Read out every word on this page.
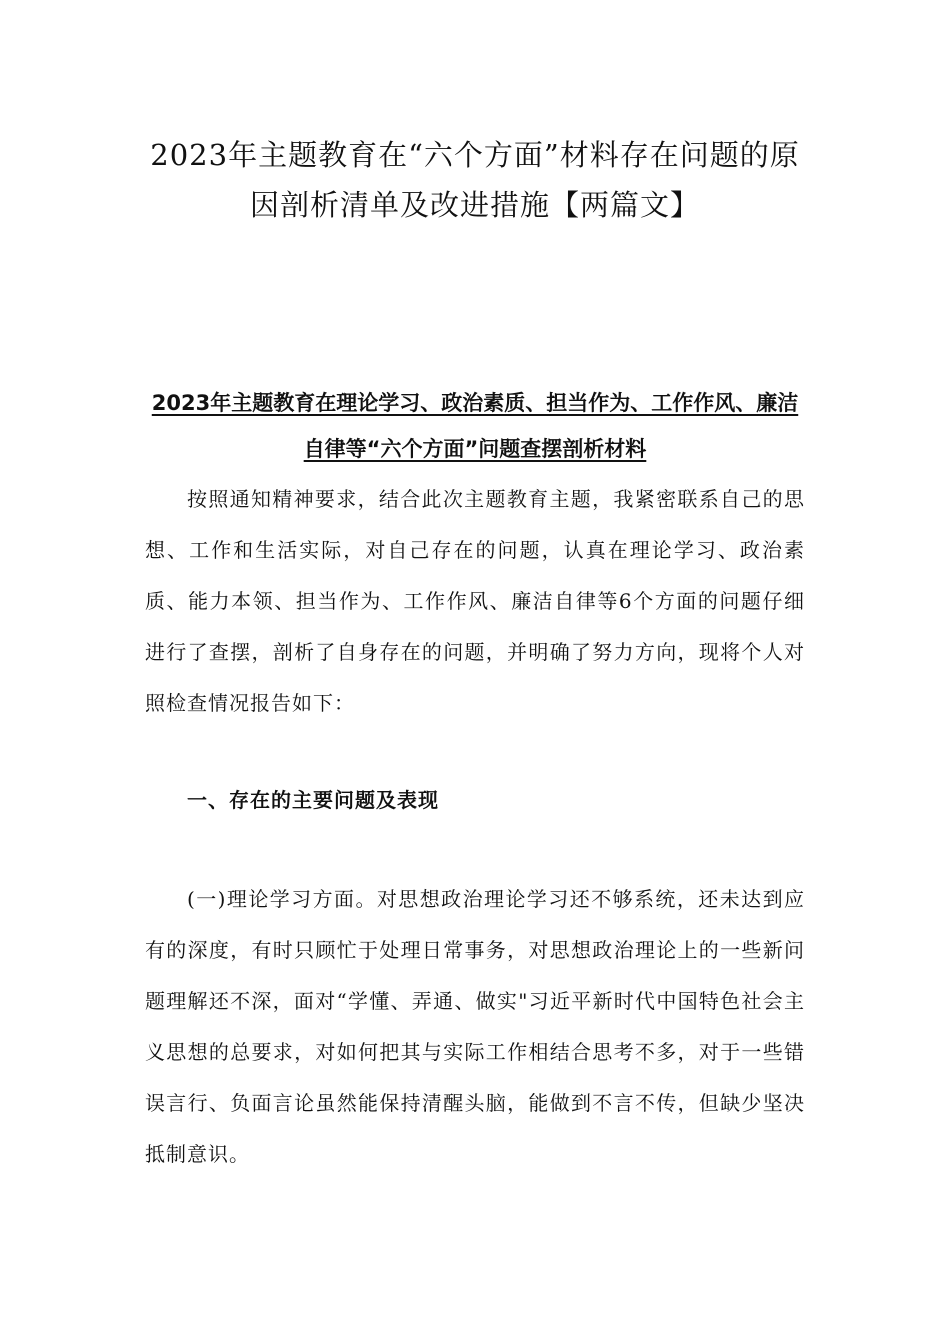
2023年主题教育在“六个方面”材料存在问题的原因剖析清单及改进措施【两篇文】
2023年主题教育在理论学习、政治素质、担当作为、工作作风、廉洁自律等“六个方面”问题查摆剖析材料

按照通知精神要求，结合此次主题教育主题，我紧密联系自己的思想、工作和生活实际，对自己存在的问题，认真在理论学习、政治素质、能力本领、担当作为、工作作风、廉洁自律等6个方面的问题仔细进行了查摆，剖析了自身存在的问题，并明确了努力方向，现将个人对照检查情况报告如下：

一、存在的主要问题及表现

(一)理论学习方面。对思想政治理论学习还不够系统，还未达到应有的深度，有时只顾忙于处理日常事务，对思想政治理论上的一些新问题理解还不深，面对“学懂、弄通、做实"习近平新时代中国特色社会主义思想的总要求，对如何把其与实际工作相结合思考不多，对于一些错误言行、负面言论虽然能保持清醒头脑，能做到不言不传，但缺少坚决抵制意识。
